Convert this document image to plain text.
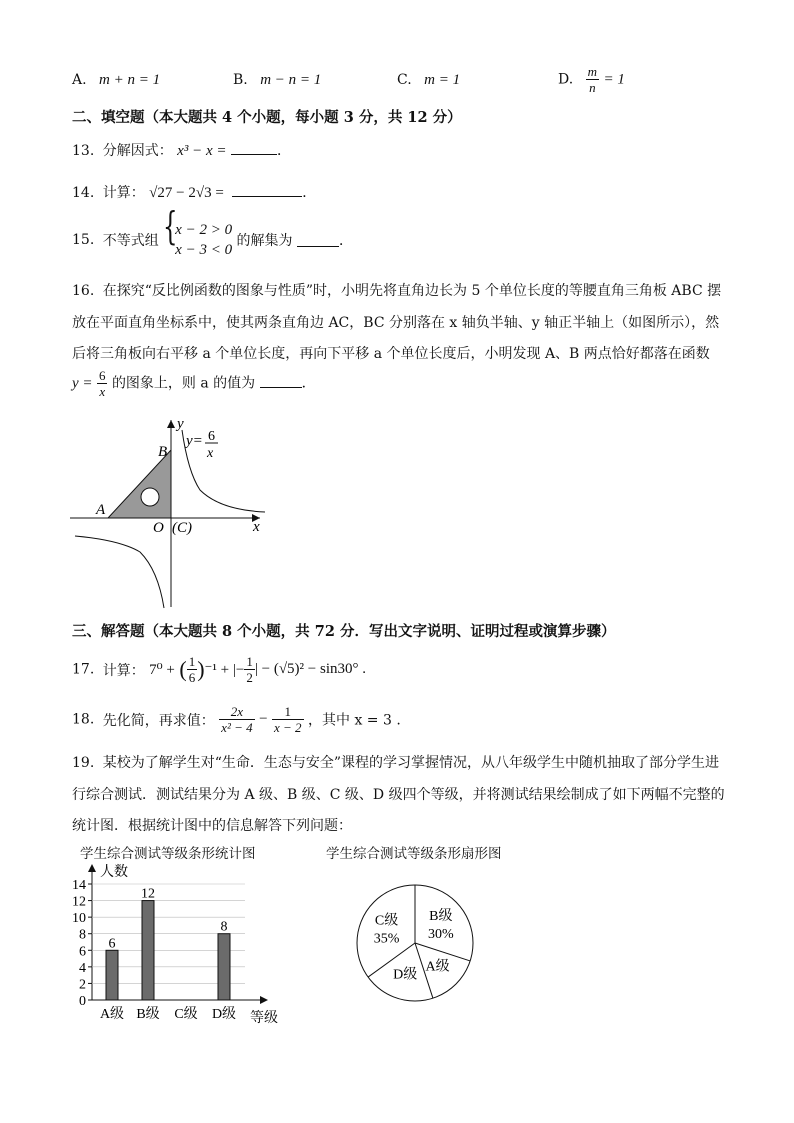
A. m + n = 1	B. m − n = 1	C. m = 1	D. $\frac{m}{n} = 1$
二、填空题（本大题共 4 个小题，每小题 3 分，共 12 分）
13. 分解因式： x³ − x =	．
14. 计算： √27 − 2√3 =	．
15. 不等式组 {
x − 2 > 0
x − 3 < 0
的解集为	．
16. 在探究“反比例函数的图象与性质”时，小明先将直角边长为 5 个单位长度的等腰直角三角板 ABC 摆
放在平面直角坐标系中，使其两条直角边 AC，BC 分别落在 x 轴负半轴、y 轴正半轴上（如图所示），然
后将三角板向右平移 a 个单位长度，再向下平移 a 个单位长度后，小明发现 A、B 两点恰好都落在函数
$y = \frac{6}{x}$ 的图象上，则 a 的值为	．
y
x
y= 6
x
A
B
O (C)
三、解答题（本大题共 8 个小题，共 72 分．写出文字说明、证明过程或演算步骤）
17. 计算： 7⁰ + ( $\frac{1}{6} )^{-1}$ + |− $\frac{1}{2}$ | − (√5)² − sin30° .
18. 先化简，再求值： $\frac{2x}{\text{x² − 4}} - \frac{1}{x - 2}$ ，其中 x = 3 .
19. 某校为了解学生对“生命．生态与安全”课程的学习掌握情况，从八年级学生中随机抽取了部分学生进
行综合测试．测试结果分为 A 级、B 级、C 级、D 级四个等级，并将测试结果绘制成了如下两幅不完整的
统计图．根据统计图中的信息解答下列问题：
学生综合测试等级条形统计图	学生综合测试等级条形扇形图
0
2
4
6
8
10
12
14
人数
6
A级
12
B级 C级
8
D级 等级
B级
30%
A级
D级
C级
35%
